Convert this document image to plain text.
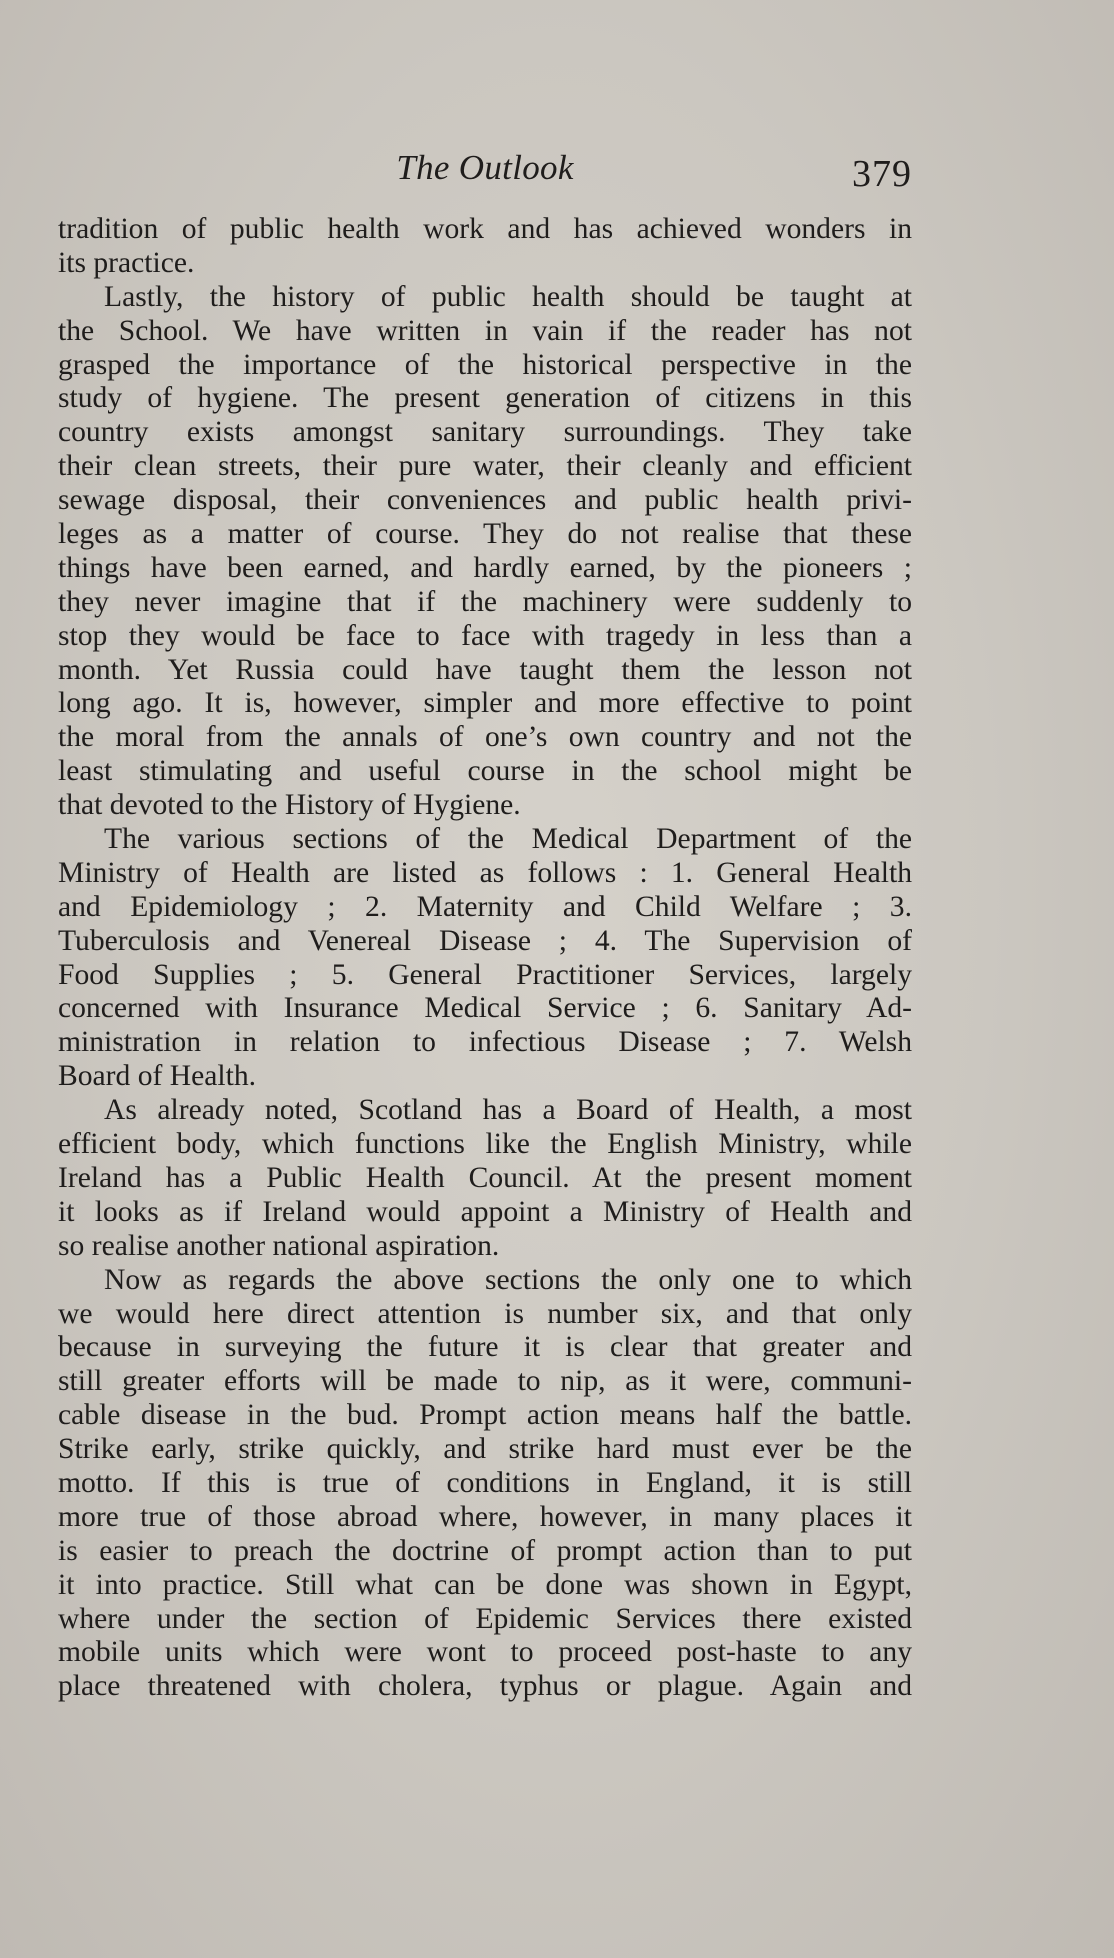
The Outlook	379
tradition of public health work and has achieved wonders in
its practice.
Lastly, the history of public health should be taught at
the School. We have written in vain if the reader has not
grasped the importance of the historical perspective in the
study of hygiene. The present generation of citizens in this
country exists amongst sanitary surroundings. They take
their clean streets, their pure water, their cleanly and efficient
sewage disposal, their conveniences and public health privi-
leges as a matter of course. They do not realise that these
things have been earned, and hardly earned, by the pioneers ;
they never imagine that if the machinery were suddenly to
stop they would be face to face with tragedy in less than a
month. Yet Russia could have taught them the lesson not
long ago. It is, however, simpler and more effective to point
the moral from the annals of one’s own country and not the
least stimulating and useful course in the school might be
that devoted to the History of Hygiene.
The various sections of the Medical Department of the
Ministry of Health are listed as follows : 1. General Health
and Epidemiology ; 2. Maternity and Child Welfare ; 3.
Tuberculosis and Venereal Disease ; 4. The Supervision of
Food Supplies ; 5. General Practitioner Services, largely
concerned with Insurance Medical Service ; 6. Sanitary Ad-
ministration in relation to infectious Disease ; 7. Welsh
Board of Health.
As already noted, Scotland has a Board of Health, a most
efficient body, which functions like the English Ministry, while
Ireland has a Public Health Council. At the present moment
it looks as if Ireland would appoint a Ministry of Health and
so realise another national aspiration.
Now as regards the above sections the only one to which
we would here direct attention is number six, and that only
because in surveying the future it is clear that greater and
still greater efforts will be made to nip, as it were, communi-
cable disease in the bud. Prompt action means half the battle.
Strike early, strike quickly, and strike hard must ever be the
motto. If this is true of conditions in England, it is still
more true of those abroad where, however, in many places it
is easier to preach the doctrine of prompt action than to put
it into practice. Still what can be done was shown in Egypt,
where under the section of Epidemic Services there existed
mobile units which were wont to proceed post-haste to any
place threatened with cholera, typhus or plague. Again and
